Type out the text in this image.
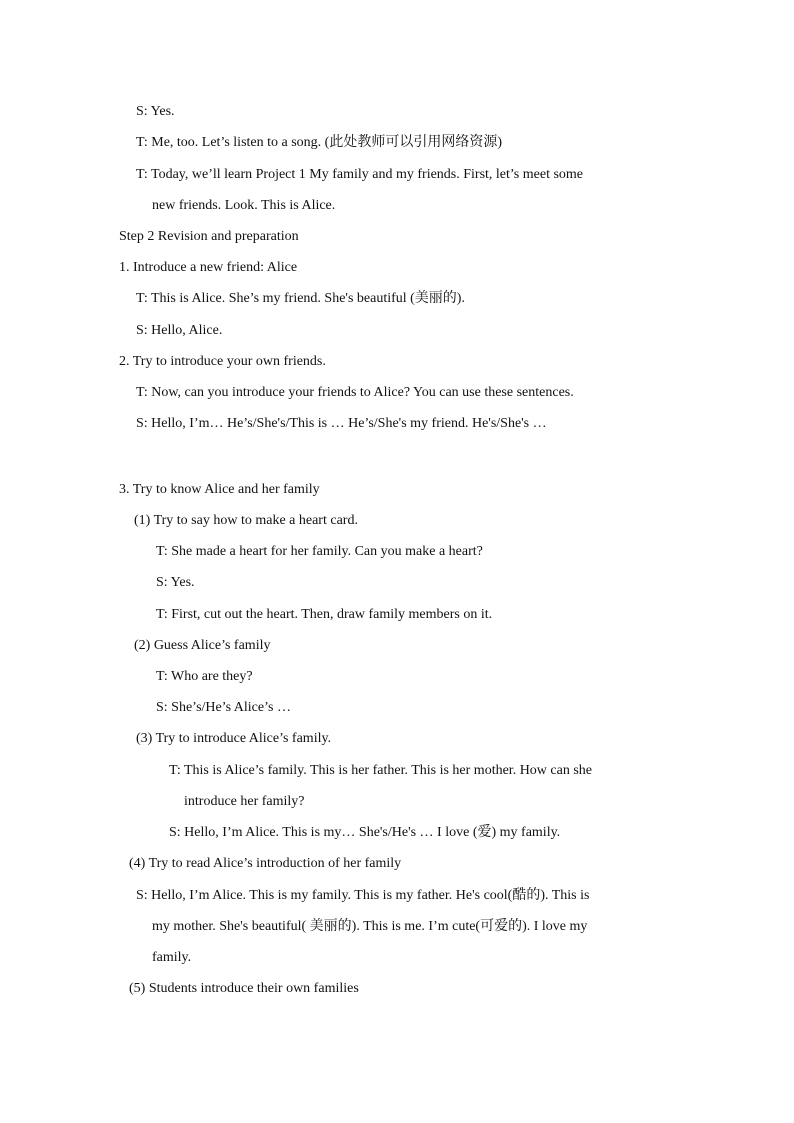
S: Yes.
T: Me, too. Let’s listen to a song. (此处教师可以引用网络资源)
T: Today, we’ll learn Project 1 My family and my friends. First, let’s meet some
new friends. Look. This is Alice.
Step 2 Revision and preparation
1. Introduce a new friend: Alice
T: This is Alice. She’s my friend. She's beautiful (美丽的).
S: Hello, Alice.
2. Try to introduce your own friends.
T: Now, can you introduce your friends to Alice? You can use these sentences.
S: Hello, I’m… He’s/She's/This is … He’s/She's my friend. He's/She's …
3. Try to know Alice and her family
(1) Try to say how to make a heart card.
T: She made a heart for her family. Can you make a heart?
S: Yes.
T: First, cut out the heart. Then, draw family members on it.
(2) Guess Alice’s family
T: Who are they?
S: She’s/He’s Alice’s …
(3) Try to introduce Alice’s family.
T: This is Alice’s family. This is her father. This is her mother. How can she
introduce her family?
S: Hello, I’m Alice. This is my… She's/He's … I love (爱) my family.
(4) Try to read Alice’s introduction of her family
S: Hello, I’m Alice. This is my family. This is my father. He's cool(酷的). This is
my mother. She's beautiful( 美丽的). This is me. I’m cute(可爱的). I love my
family.
(5) Students introduce their own families
